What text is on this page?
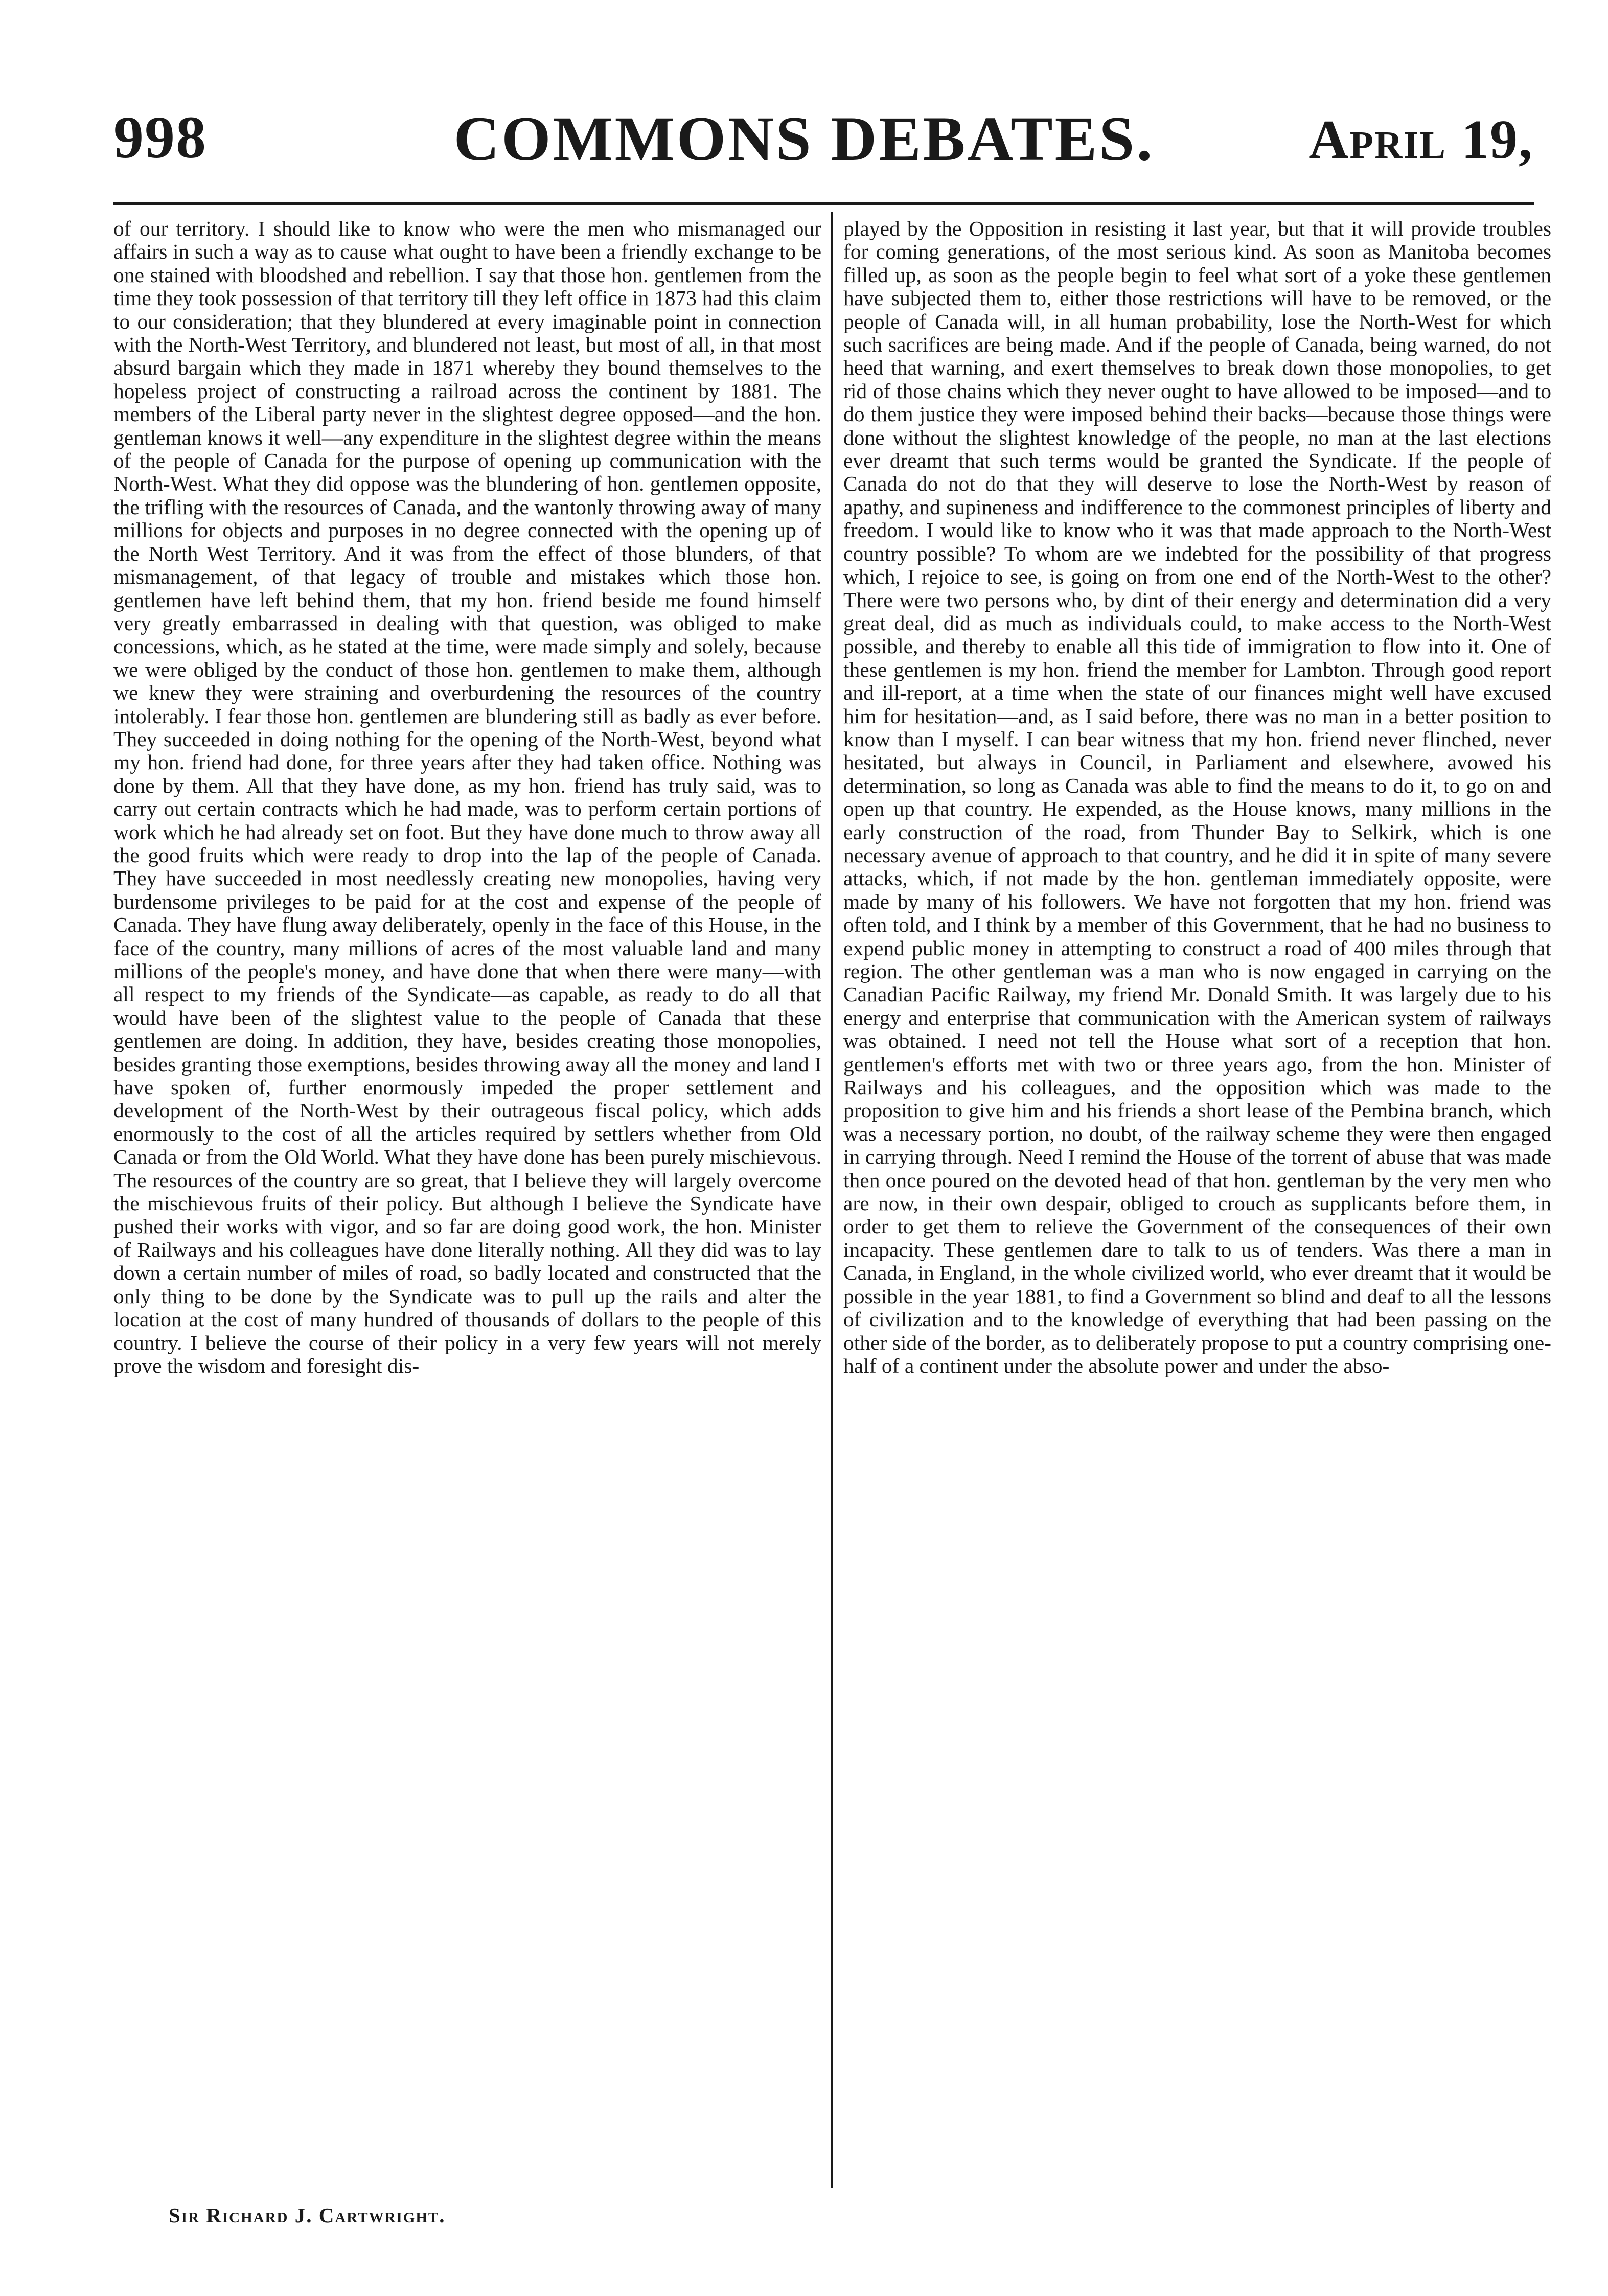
998	COMMONS DEBATES.	April 19,
of our territory. I should like to know who were the men who mismanaged our affairs in such a way as to cause what ought to have been a friendly exchange to be one stained with bloodshed and rebellion. I say that those hon. gentlemen from the time they took possession of that territory till they left office in 1873 had this claim to our consideration; that they blundered at every imaginable point in connection with the North-West Territory, and blundered not least, but most of all, in that most absurd bargain which they made in 1871 whereby they bound themselves to the hopeless project of constructing a railroad across the continent by 1881. The members of the Liberal party never in the slightest degree opposed—and the hon. gentleman knows it well—any expenditure in the slightest degree within the means of the people of Canada for the purpose of opening up communication with the North-West. What they did oppose was the blundering of hon. gentlemen opposite, the trifling with the resources of Canada, and the wantonly throwing away of many millions for objects and purposes in no degree connected with the opening up of the North West Territory. And it was from the effect of those blunders, of that mismanagement, of that legacy of trouble and mistakes which those hon. gentlemen have left behind them, that my hon. friend beside me found himself very greatly embarrassed in dealing with that question, was obliged to make concessions, which, as he stated at the time, were made simply and solely, because we were obliged by the conduct of those hon. gentlemen to make them, although we knew they were straining and overburdening the resources of the country intolerably. I fear those hon. gentlemen are blundering still as badly as ever before. They succeeded in doing nothing for the opening of the North-West, beyond what my hon. friend had done, for three years after they had taken office. Nothing was done by them. All that they have done, as my hon. friend has truly said, was to carry out certain contracts which he had made, was to perform certain portions of work which he had already set on foot. But they have done much to throw away all the good fruits which were ready to drop into the lap of the people of Canada. They have succeeded in most needlessly creating new monopolies, having very burdensome privileges to be paid for at the cost and expense of the people of Canada. They have flung away deliberately, openly in the face of this House, in the face of the country, many millions of acres of the most valuable land and many millions of the people's money, and have done that when there were many—with all respect to my friends of the Syndicate—as capable, as ready to do all that would have been of the slightest value to the people of Canada that these gentlemen are doing. In addition, they have, besides creating those monopolies, besides granting those exemptions, besides throwing away all the money and land I have spoken of, further enormously impeded the proper settlement and development of the North-West by their outrageous fiscal policy, which adds enormously to the cost of all the articles required by settlers whether from Old Canada or from the Old World. What they have done has been purely mischievous. The resources of the country are so great, that I believe they will largely overcome the mischievous fruits of their policy. But although I believe the Syndicate have pushed their works with vigor, and so far are doing good work, the hon. Minister of Railways and his colleagues have done literally nothing. All they did was to lay down a certain number of miles of road, so badly located and constructed that the only thing to be done by the Syndicate was to pull up the rails and alter the location at the cost of many hundred of thousands of dollars to the people of this country. I believe the course of their policy in a very few years will not merely prove the wisdom and foresight dis-
played by the Opposition in resisting it last year, but that it will provide troubles for coming generations, of the most serious kind. As soon as Manitoba becomes filled up, as soon as the people begin to feel what sort of a yoke these gentlemen have subjected them to, either those restrictions will have to be removed, or the people of Canada will, in all human probability, lose the North-West for which such sacrifices are being made. And if the people of Canada, being warned, do not heed that warning, and exert themselves to break down those monopolies, to get rid of those chains which they never ought to have allowed to be imposed—and to do them justice they were imposed behind their backs—because those things were done without the slightest knowledge of the people, no man at the last elections ever dreamt that such terms would be granted the Syndicate. If the people of Canada do not do that they will deserve to lose the North-West by reason of apathy, and supineness and indifference to the commonest principles of liberty and freedom. I would like to know who it was that made approach to the North-West country possible? To whom are we indebted for the possibility of that progress which, I rejoice to see, is going on from one end of the North-West to the other? There were two persons who, by dint of their energy and determination did a very great deal, did as much as individuals could, to make access to the North-West possible, and thereby to enable all this tide of immigration to flow into it. One of these gentlemen is my hon. friend the member for Lambton. Through good report and ill-report, at a time when the state of our finances might well have excused him for hesitation—and, as I said before, there was no man in a better position to know than I myself. I can bear witness that my hon. friend never flinched, never hesitated, but always in Council, in Parliament and elsewhere, avowed his determination, so long as Canada was able to find the means to do it, to go on and open up that country. He expended, as the House knows, many millions in the early construction of the road, from Thunder Bay to Selkirk, which is one necessary avenue of approach to that country, and he did it in spite of many severe attacks, which, if not made by the hon. gentleman immediately opposite, were made by many of his followers. We have not forgotten that my hon. friend was often told, and I think by a member of this Government, that he had no business to expend public money in attempting to construct a road of 400 miles through that region. The other gentleman was a man who is now engaged in carrying on the Canadian Pacific Railway, my friend Mr. Donald Smith. It was largely due to his energy and enterprise that communication with the American system of railways was obtained. I need not tell the House what sort of a reception that hon. gentlemen's efforts met with two or three years ago, from the hon. Minister of Railways and his colleagues, and the opposition which was made to the proposition to give him and his friends a short lease of the Pembina branch, which was a necessary portion, no doubt, of the railway scheme they were then engaged in carrying through. Need I remind the House of the torrent of abuse that was made then once poured on the devoted head of that hon. gentleman by the very men who are now, in their own despair, obliged to crouch as supplicants before them, in order to get them to relieve the Government of the consequences of their own incapacity. These gentlemen dare to talk to us of tenders. Was there a man in Canada, in England, in the whole civilized world, who ever dreamt that it would be possible in the year 1881, to find a Government so blind and deaf to all the lessons of civilization and to the knowledge of everything that had been passing on the other side of the border, as to deliberately propose to put a country comprising one-half of a continent under the absolute power and under the abso-
Sir Richard J. Cartwright.
